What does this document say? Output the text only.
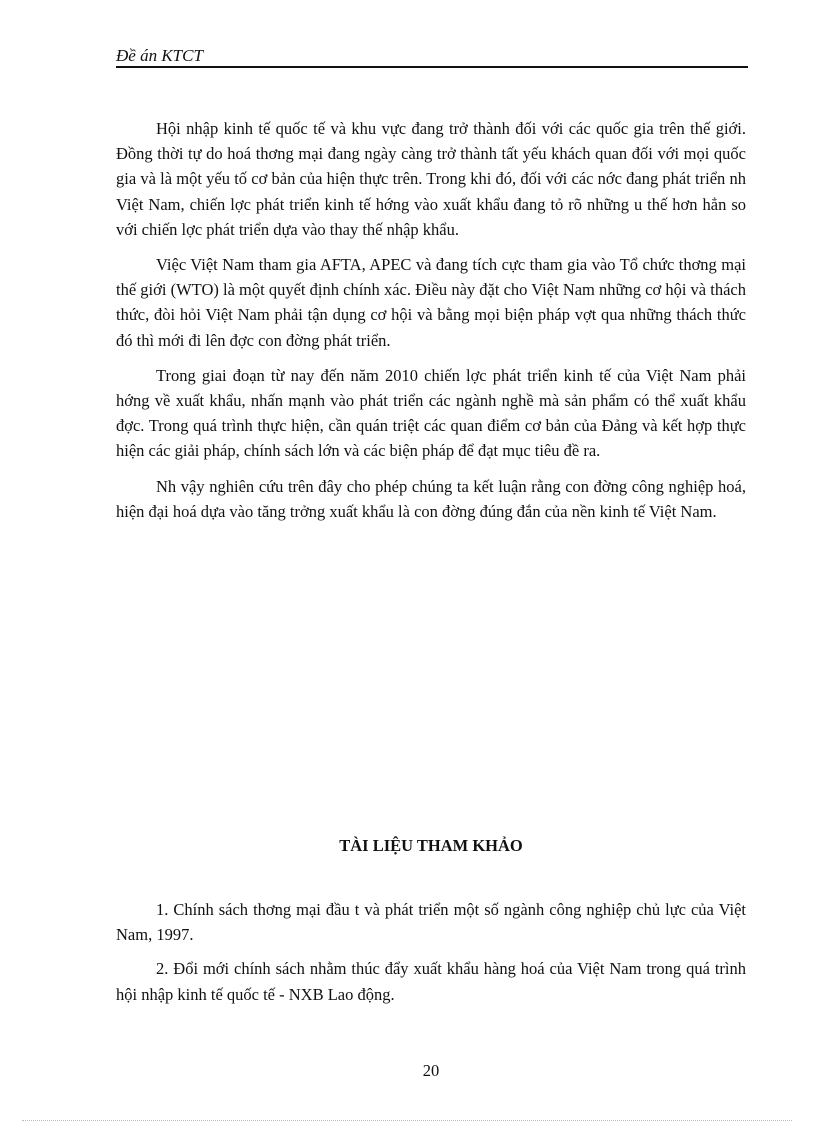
Đề án KTCT

Hội nhập kinh tế quốc tế và khu vực đang trở thành đối với các quốc gia trên thế giới. Đồng thời tự do hoá thơng mại đang ngày càng trở thành tất yếu khách quan đối với mọi quốc gia và là một yếu tố cơ bản của hiện thực trên. Trong khi đó, đối với các nớc đang phát triển nh Việt Nam, chiến lợc phát triển kinh tế hớng vào xuất khẩu đang tỏ rõ những u thế hơn hẳn so với chiến lợc phát triển dựa vào thay thế nhập khẩu.

Việc Việt Nam tham gia AFTA, APEC và đang tích cực tham gia vào Tổ chức thơng mại thế giới (WTO) là một quyết định chính xác. Điều này đặt cho Việt Nam những cơ hội và thách thức, đòi hỏi Việt Nam phải tận dụng cơ hội và bằng mọi biện pháp vợt qua những thách thức đó thì mới đi lên đợc con đờng phát triển.

Trong giai đoạn từ nay đến năm 2010 chiến lợc phát triển kinh tế của Việt Nam phải hớng về xuất khẩu, nhấn mạnh vào phát triển các ngành nghề mà sản phẩm có thể xuất khẩu đợc. Trong quá trình thực hiện, cần quán triệt các quan điểm cơ bản của Đảng và kết hợp thực hiện các giải pháp, chính sách lớn và các biện pháp để đạt mục tiêu đề ra.

Nh vậy nghiên cứu trên đây cho phép chúng ta kết luận rằng con đờng công nghiệp hoá, hiện đại hoá dựa vào tăng trởng xuất khẩu là con đờng đúng đắn của nền kinh tế Việt Nam.

TÀI LIỆU THAM KHẢO

1. Chính sách thơng mại đầu t và phát triển một số ngành công nghiệp chủ lực của Việt Nam, 1997.

2. Đổi mới chính sách nhằm thúc đẩy xuất khẩu hàng hoá của Việt Nam trong quá trình hội nhập kinh tế quốc tế - NXB Lao động.

20
